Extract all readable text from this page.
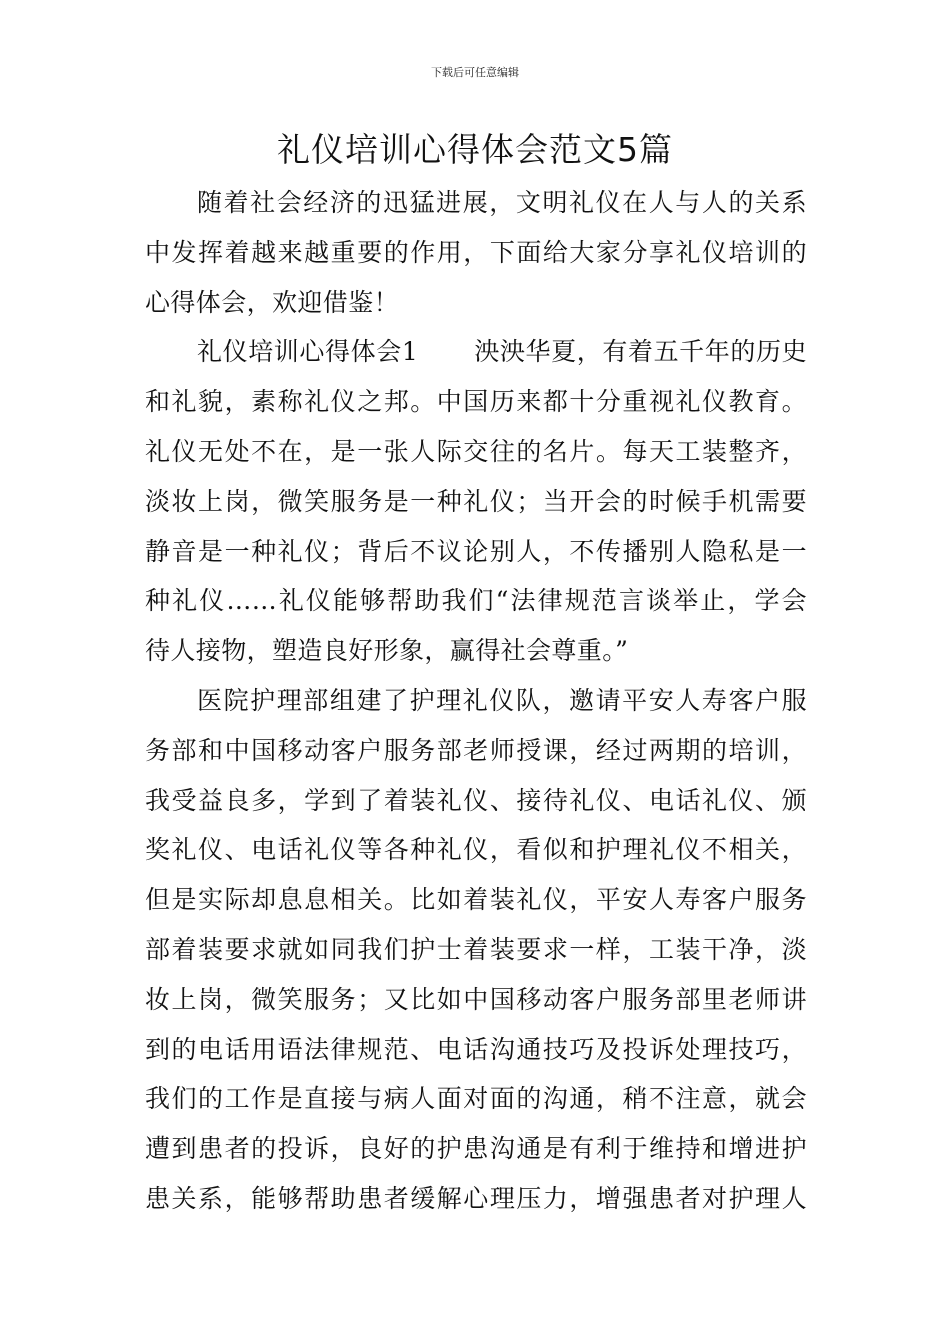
下载后可任意编辑
礼仪培训心得体会范文5篇
随着社会经济的迅猛进展，文明礼仪在人与人的关系
中发挥着越来越重要的作用，下面给大家分享礼仪培训的
心得体会，欢迎借鉴！
礼仪培训心得体会1 泱泱华夏，有着五千年的历史
和礼貌，素称礼仪之邦。中国历来都十分重视礼仪教育。
礼仪无处不在，是一张人际交往的名片。每天工装整齐，
淡妆上岗，微笑服务是一种礼仪；当开会的时候手机需要
静音是一种礼仪；背后不议论别人，不传播别人隐私是一
种礼仪……礼仪能够帮助我们“法律规范言谈举止，学会
待人接物，塑造良好形象，赢得社会尊重。”
医院护理部组建了护理礼仪队，邀请平安人寿客户服
务部和中国移动客户服务部老师授课，经过两期的培训，
我受益良多，学到了着装礼仪、接待礼仪、电话礼仪、颁
奖礼仪、电话礼仪等各种礼仪，看似和护理礼仪不相关，
但是实际却息息相关。比如着装礼仪，平安人寿客户服务
部着装要求就如同我们护士着装要求一样，工装干净，淡
妆上岗，微笑服务；又比如中国移动客户服务部里老师讲
到的电话用语法律规范、电话沟通技巧及投诉处理技巧，
我们的工作是直接与病人面对面的沟通，稍不注意，就会
遭到患者的投诉，良好的护患沟通是有利于维持和增进护
患关系，能够帮助患者缓解心理压力，增强患者对护理人
